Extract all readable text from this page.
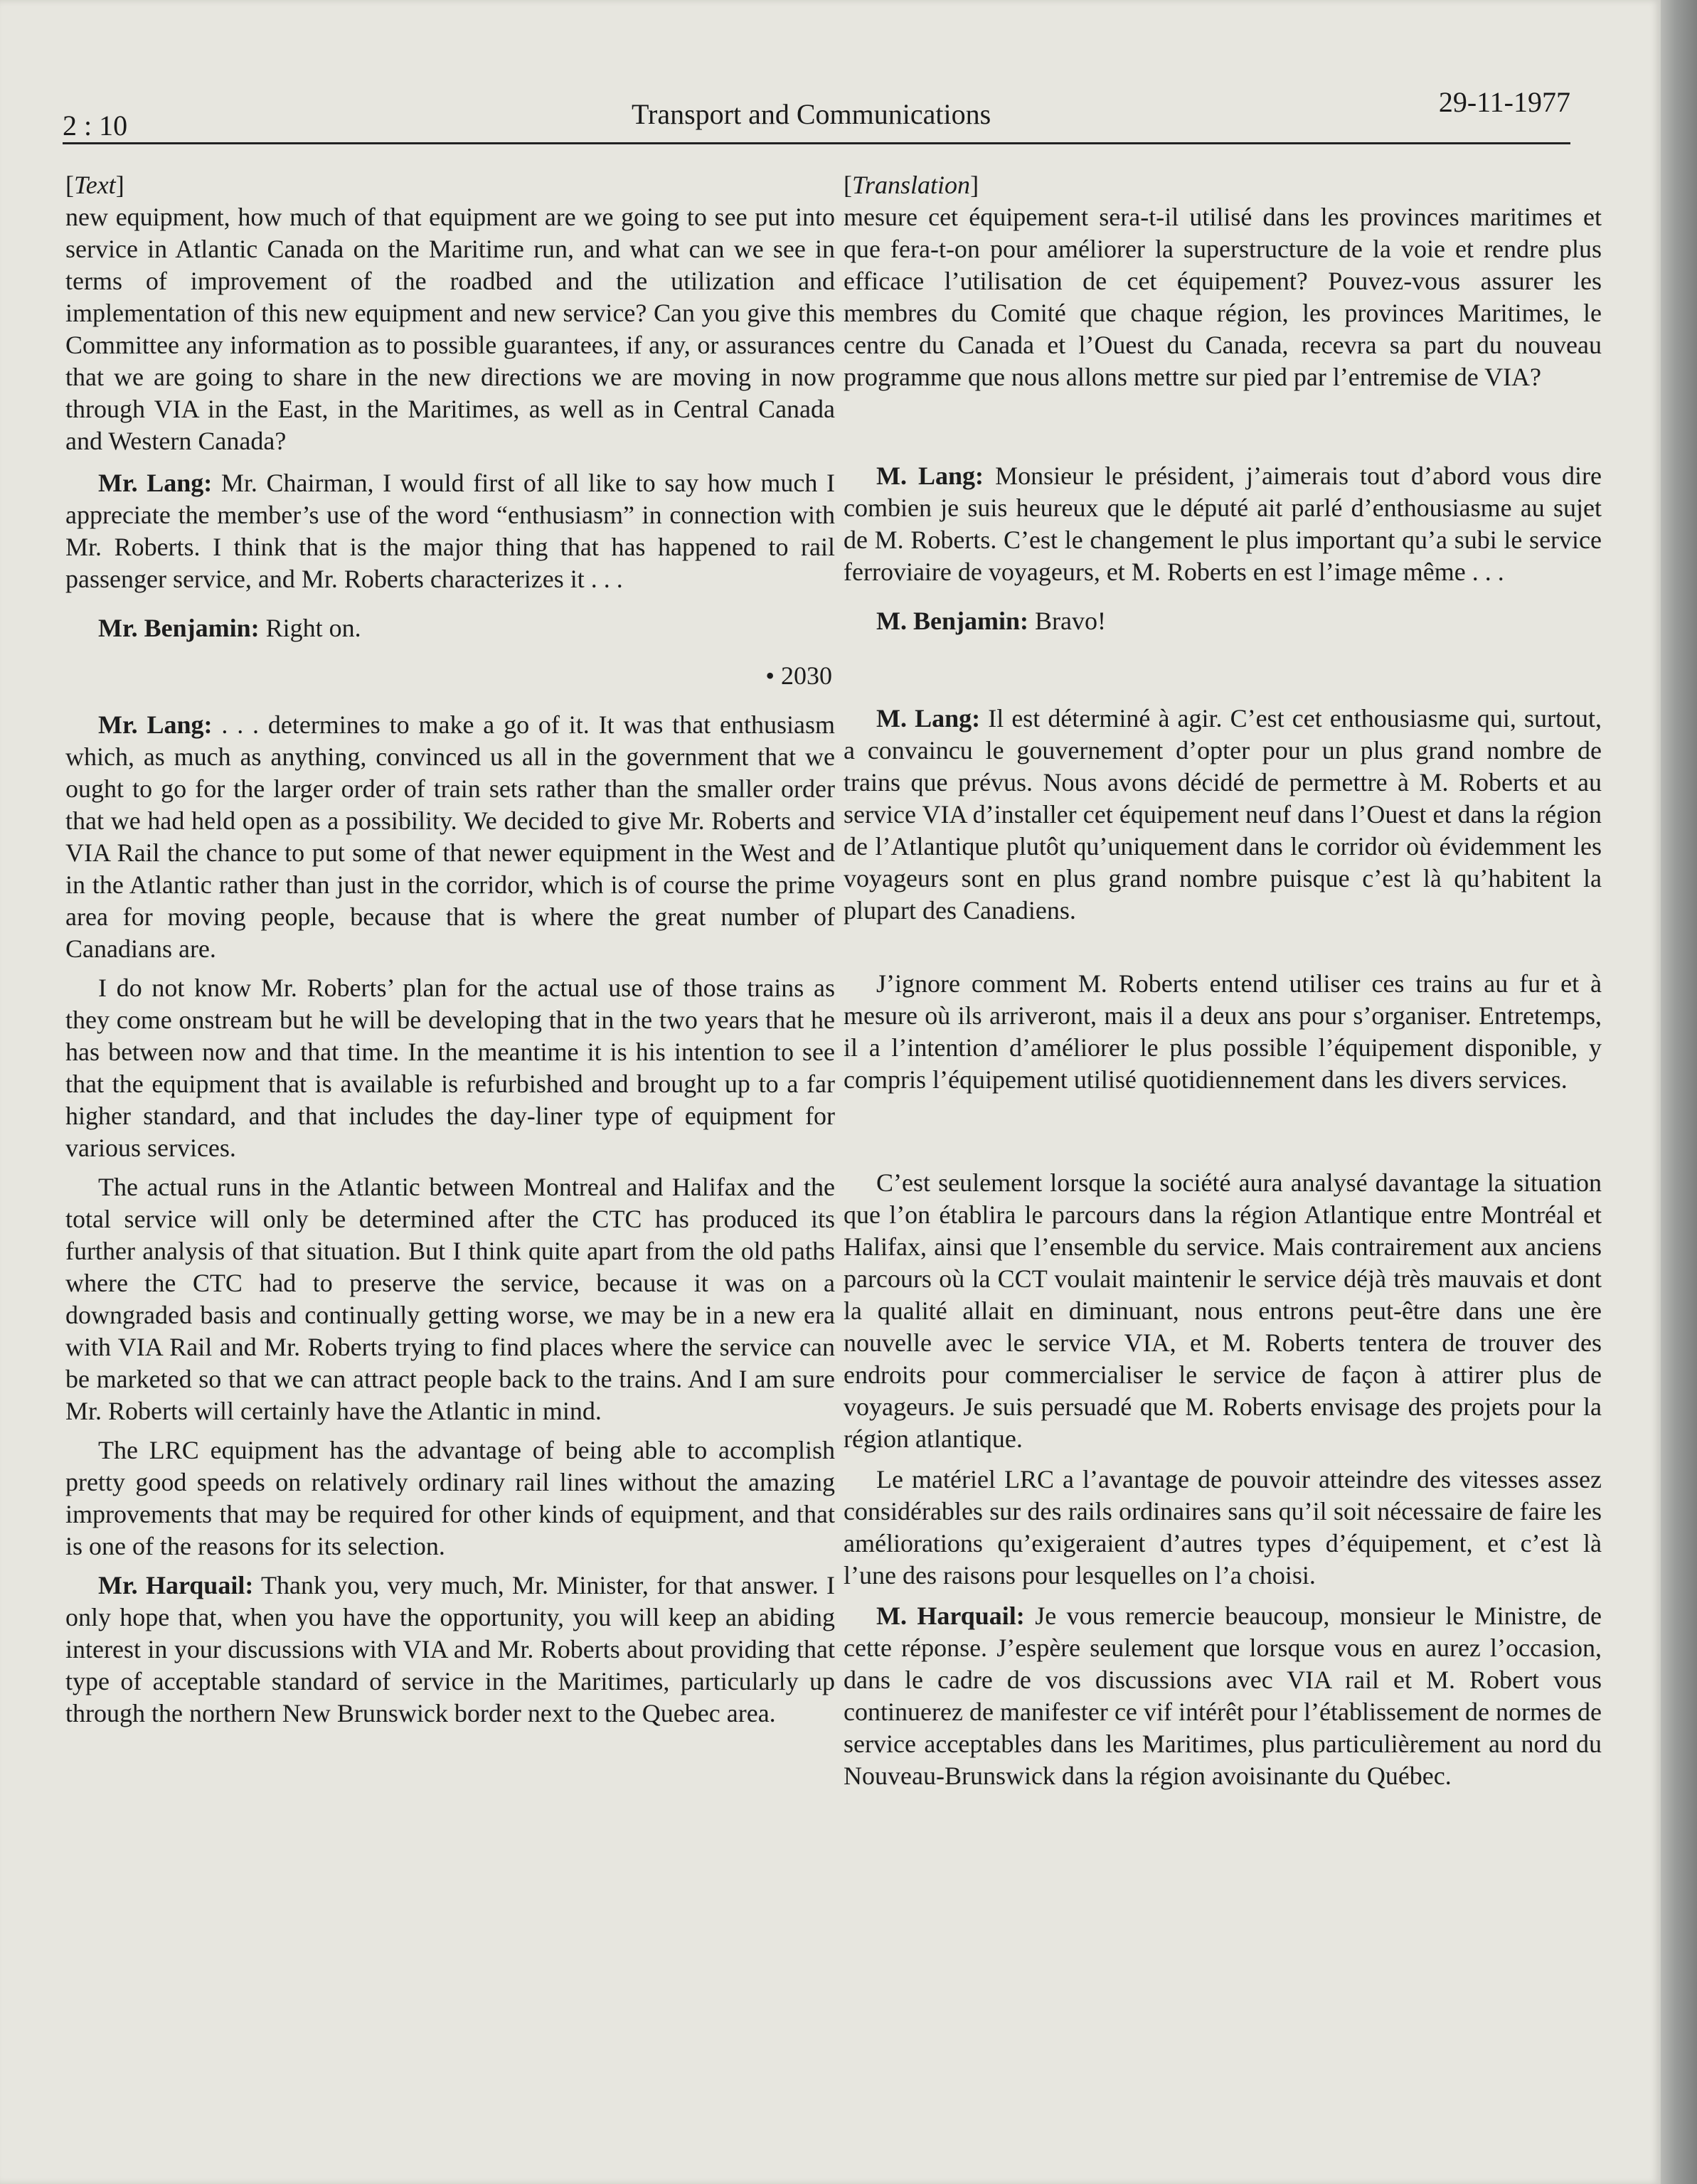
2 : 10	Transport and Communications	29-11-1977

[Text]

new equipment, how much of that equipment are we going to see put into service in Atlantic Canada on the Maritime run, and what can we see in terms of improvement of the roadbed and the utilization and implementation of this new equipment and new service? Can you give this Committee any information as to possible guarantees, if any, or assurances that we are going to share in the new directions we are moving in now through VIA in the East, in the Maritimes, as well as in Central Canada and Western Canada?

Mr. Lang: Mr. Chairman, I would first of all like to say how much I appreciate the member’s use of the word “enthusiasm” in connection with Mr. Roberts. I think that is the major thing that has happened to rail passenger service, and Mr. Roberts characterizes it . . .

Mr. Benjamin: Right on.

• 2030

Mr. Lang: . . . determines to make a go of it. It was that enthusiasm which, as much as anything, convinced us all in the government that we ought to go for the larger order of train sets rather than the smaller order that we had held open as a possibility. We decided to give Mr. Roberts and VIA Rail the chance to put some of that newer equipment in the West and in the Atlantic rather than just in the corridor, which is of course the prime area for moving people, because that is where the great number of Canadians are.

I do not know Mr. Roberts’ plan for the actual use of those trains as they come onstream but he will be developing that in the two years that he has between now and that time. In the meantime it is his intention to see that the equipment that is available is refurbished and brought up to a far higher standard, and that includes the day-liner type of equipment for various services.

The actual runs in the Atlantic between Montreal and Halifax and the total service will only be determined after the CTC has produced its further analysis of that situation. But I think quite apart from the old paths where the CTC had to preserve the service, because it was on a downgraded basis and continually getting worse, we may be in a new era with VIA Rail and Mr. Roberts trying to find places where the service can be marketed so that we can attract people back to the trains. And I am sure Mr. Roberts will certainly have the Atlantic in mind.

The LRC equipment has the advantage of being able to accomplish pretty good speeds on relatively ordinary rail lines without the amazing improvements that may be required for other kinds of equipment, and that is one of the reasons for its selection.

Mr. Harquail: Thank you, very much, Mr. Minister, for that answer. I only hope that, when you have the opportunity, you will keep an abiding interest in your discussions with VIA and Mr. Roberts about providing that type of acceptable standard of service in the Maritimes, particularly up through the northern New Brunswick border next to the Quebec area.

[Translation]

mesure cet équipement sera-t-il utilisé dans les provinces maritimes et que fera-t-on pour améliorer la superstructure de la voie et rendre plus efficace l’utilisation de cet équipement? Pouvez-vous assurer les membres du Comité que chaque région, les provinces Maritimes, le centre du Canada et l’Ouest du Canada, recevra sa part du nouveau programme que nous allons mettre sur pied par l’entremise de VIA?

M. Lang: Monsieur le président, j’aimerais tout d’abord vous dire combien je suis heureux que le député ait parlé d’enthousiasme au sujet de M. Roberts. C’est le changement le plus important qu’a subi le service ferroviaire de voyageurs, et M. Roberts en est l’image même . . .

M. Benjamin: Bravo!

M. Lang: Il est déterminé à agir. C’est cet enthousiasme qui, surtout, a convaincu le gouvernement d’opter pour un plus grand nombre de trains que prévus. Nous avons décidé de permettre à M. Roberts et au service VIA d’installer cet équipement neuf dans l’Ouest et dans la région de l’Atlantique plutôt qu’uniquement dans le corridor où évidemment les voyageurs sont en plus grand nombre puisque c’est là qu’habitent la plupart des Canadiens.

J’ignore comment M. Roberts entend utiliser ces trains au fur et à mesure où ils arriveront, mais il a deux ans pour s’organiser. Entretemps, il a l’intention d’améliorer le plus possible l’équipement disponible, y compris l’équipement utilisé quotidiennement dans les divers services.

C’est seulement lorsque la société aura analysé davantage la situation que l’on établira le parcours dans la région Atlantique entre Montréal et Halifax, ainsi que l’ensemble du service. Mais contrairement aux anciens parcours où la CCT voulait maintenir le service déjà très mauvais et dont la qualité allait en diminuant, nous entrons peut-être dans une ère nouvelle avec le service VIA, et M. Roberts tentera de trouver des endroits pour commercialiser le service de façon à attirer plus de voyageurs. Je suis persuadé que M. Roberts envisage des projets pour la région atlantique.

Le matériel LRC a l’avantage de pouvoir atteindre des vitesses assez considérables sur des rails ordinaires sans qu’il soit nécessaire de faire les améliorations qu’exigeraient d’autres types d’équipement, et c’est là l’une des raisons pour lesquelles on l’a choisi.

M. Harquail: Je vous remercie beaucoup, monsieur le Ministre, de cette réponse. J’espère seulement que lorsque vous en aurez l’occasion, dans le cadre de vos discussions avec VIA rail et M. Robert vous continuerez de manifester ce vif intérêt pour l’établissement de normes de service acceptables dans les Maritimes, plus particulièrement au nord du Nouveau-Brunswick dans la région avoisinante du Québec.
